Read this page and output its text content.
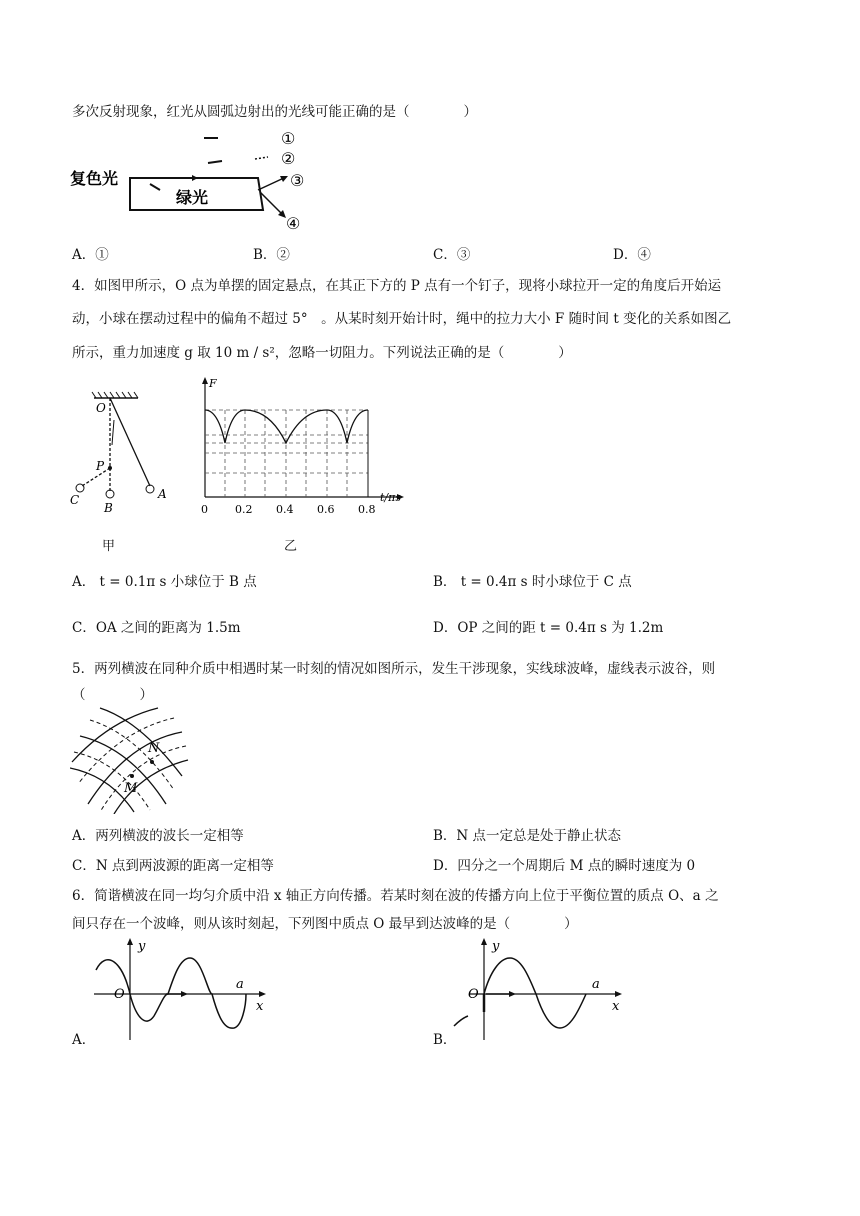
多次反射现象，红光从圆弧边射出的光线可能正确的是（　　　　）
复色光
绿光
①
②
③
④
A．①	B．②	C．③	D．④
4．如图甲所示，O 点为单摆的固定悬点，在其正下方的 P 点有一个钉子，现将小球拉开一定的角度后开始运
动，小球在摆动过程中的偏角不超过 5°　。从某时刻开始计时，绳中的拉力大小 F 随时间 t 变化的关系如图乙
所示，重力加速度 g 取 10 m / s²，忽略一切阻力。下列说法正确的是（　　　　）
O
P
A
B
C
甲
F
t/πs
0 0.2 0.4 0.6 0.8
乙
A． t = 0.1π s 小球位于 B 点	B． t = 0.4π s 时小球位于 C 点
C．OA 之间的距离为 1.5m	D．OP 之间的距 t = 0.4π s 为 1.2m
5．两列横波在同种介质中相遇时某一时刻的情况如图所示，发生干涉现象，实线球波峰，虚线表示波谷，则
（　　　　）
N
M
A．两列横波的波长一定相等	B．N 点一定总是处于静止状态
C．N 点到两波源的距离一定相等	D．四分之一个周期后 M 点的瞬时速度为 0
6．简谐横波在同一均匀介质中沿 x 轴正方向传播。若某时刻在波的传播方向上位于平衡位置的质点 O、a 之
间只存在一个波峰，则从该时刻起，下列图中质点 O 最早到达波峰的是（　　　　）
y
x
O
a
A．
y
x
O
a
B．
